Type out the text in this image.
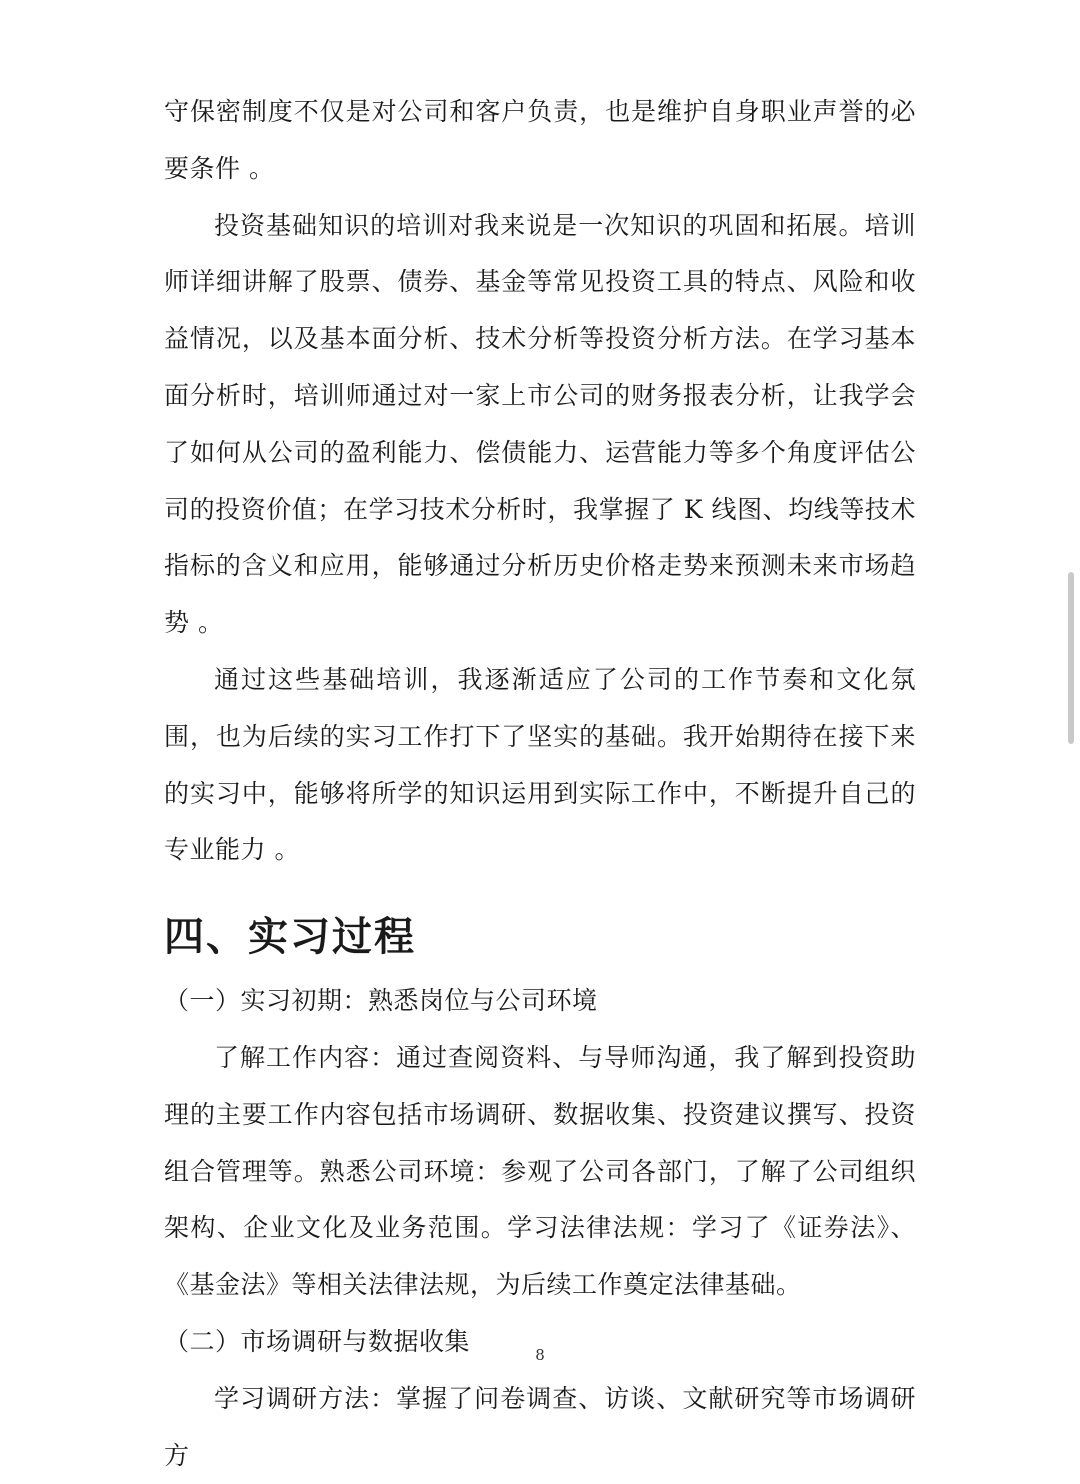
守保密制度不仅是对公司和客户负责，也是维护自身职业声誉的必要条件 。

投资基础知识的培训对我来说是一次知识的巩固和拓展。培训师详细讲解了股票、债券、基金等常见投资工具的特点、风险和收益情况，以及基本面分析、技术分析等投资分析方法。在学习基本面分析时，培训师通过对一家上市公司的财务报表分析，让我学会了如何从公司的盈利能力、偿债能力、运营能力等多个角度评估公司的投资价值；在学习技术分析时，我掌握了 K 线图、均线等技术指标的含义和应用，能够通过分析历史价格走势来预测未来市场趋势 。

通过这些基础培训，我逐渐适应了公司的工作节奏和文化氛围，也为后续的实习工作打下了坚实的基础。我开始期待在接下来的实习中，能够将所学的知识运用到实际工作中，不断提升自己的专业能力 。

四、实习过程

（一）实习初期：熟悉岗位与公司环境

了解工作内容：通过查阅资料、与导师沟通，我了解到投资助理的主要工作内容包括市场调研、数据收集、投资建议撰写、投资组合管理等。熟悉公司环境：参观了公司各部门，了解了公司组织架构、企业文化及业务范围。学习法律法规：学习了《证券法》、《基金法》等相关法律法规，为后续工作奠定法律基础。

（二）市场调研与数据收集

学习调研方法：掌握了问卷调查、访谈、文献研究等市场调研方

8
